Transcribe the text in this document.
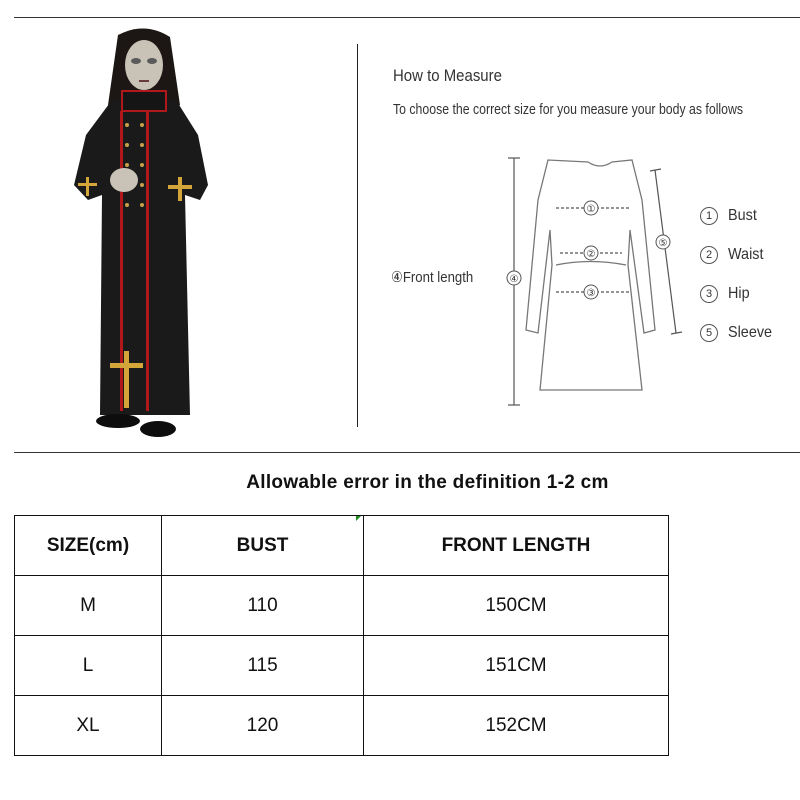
How to Measure
To choose the correct size for you measure your body as follows
①
②
③
④
⑤
④Front length
1 Bust
2 Waist
3 Hip
5 Sleeve
Allowable error in the definition 1-2 cm
SIZE(cm)	BUST	FRONT LENGTH
M	110	150CM
L	115	151CM
XL	120	152CM
